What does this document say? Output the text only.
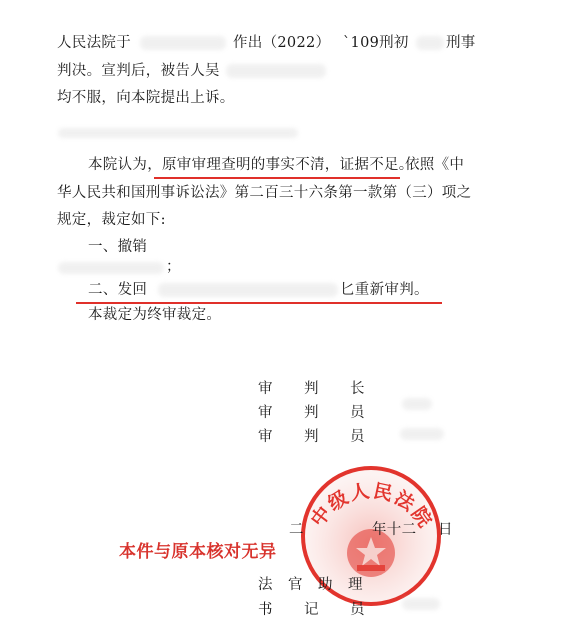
人民法院于	作出（2022） `109刑初	刑事
判决。宣判后，被告人吴
均不服，向本院提出上诉。
本院认为， 原审审理查明的事实不清，证据不足。
依照《中
华人民共和国刑事诉讼法》第二百三十六条第一款第（三）项之
规定，裁定如下:
一、撤销
；
二、发回	匕重新审判。
本裁定为终审裁定。
审 判 长
审 判 员
审 判 员
中级人民法院
二	年十二 日
本件与原本核对无异
法 官 助 理
书 记 员
